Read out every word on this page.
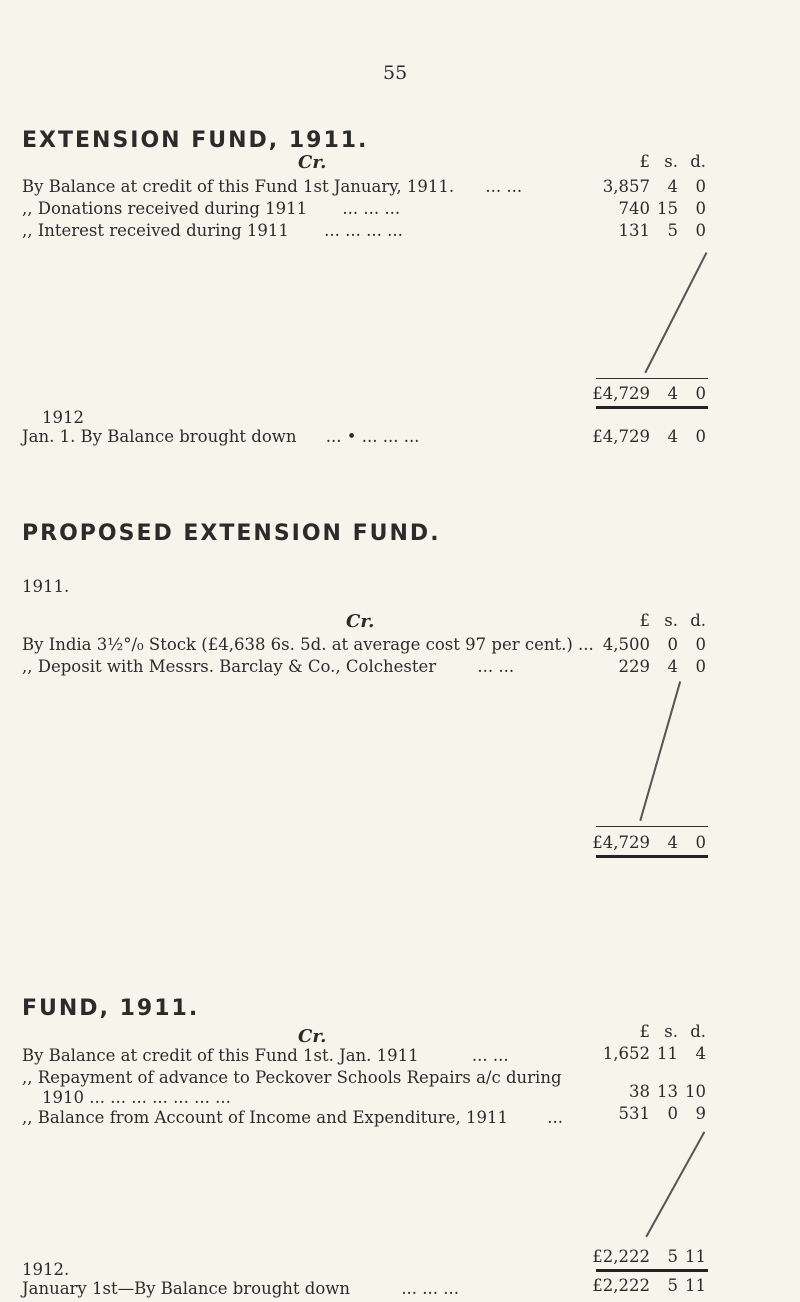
55
EXTENSION FUND, 1911.
Cr.	£ s. d.
By Balance at credit of this Fund 1st January, 1911. ... ...	3,857	4	0
,, Donations received during 1911 ... ... ...	740 15	0
,, Interest received during 1911 ... ... ... ...	131	5	0
£4,729	4	0
1912
Jan. 1. By Balance brought down ... • ... ... ...	£4,729	4	0
PROPOSED EXTENSION FUND.
1911.
Cr.	£ s. d.
By India 3½°/₀ Stock (£4,638 6s. 5d. at average cost 97 per cent.) ... 4,500	0	0
,, Deposit with Messrs. Barclay & Co., Colchester	... ...	229	4	0
£4,729	4	0
FUND, 1911.
Cr.	£ s. d.
By Balance at credit of this Fund 1st. Jan. 1911	... ...	1,652 11	4
,, Repayment of advance to Peckover Schools Repairs a/c during
1910 ... ... ... ... ... ... ...	38 13 10
,, Balance from Account of Income and Expenditure, 1911 ...	531	0	9
£2,222	5 11
1912.
January 1st—By Balance brought down	... ... ...	£2,222	5 11
